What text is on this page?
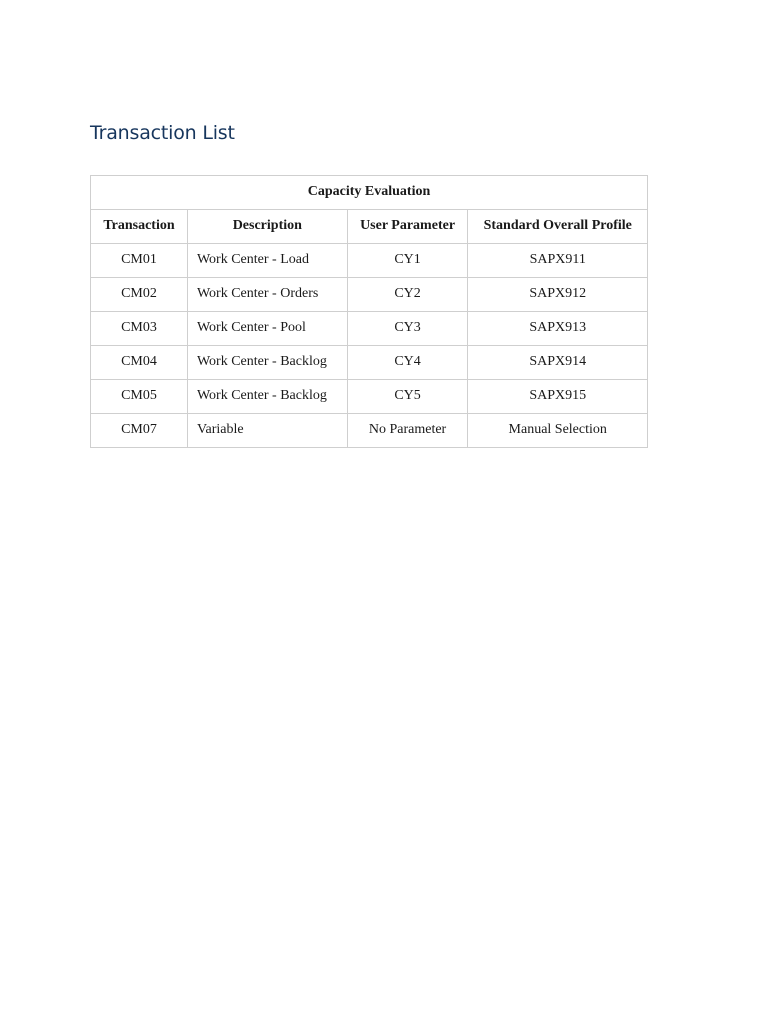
Transaction List
Capacity Evaluation			
Transaction	Description	User Parameter	Standard Overall Profile
CM01	Work Center - Load	CY1	SAPX911
CM02	Work Center - Orders	CY2	SAPX912
CM03	Work Center - Pool	CY3	SAPX913
CM04	Work Center - Backlog	CY4	SAPX914
CM05	Work Center - Backlog	CY5	SAPX915
CM07	Variable	No Parameter	Manual Selection
